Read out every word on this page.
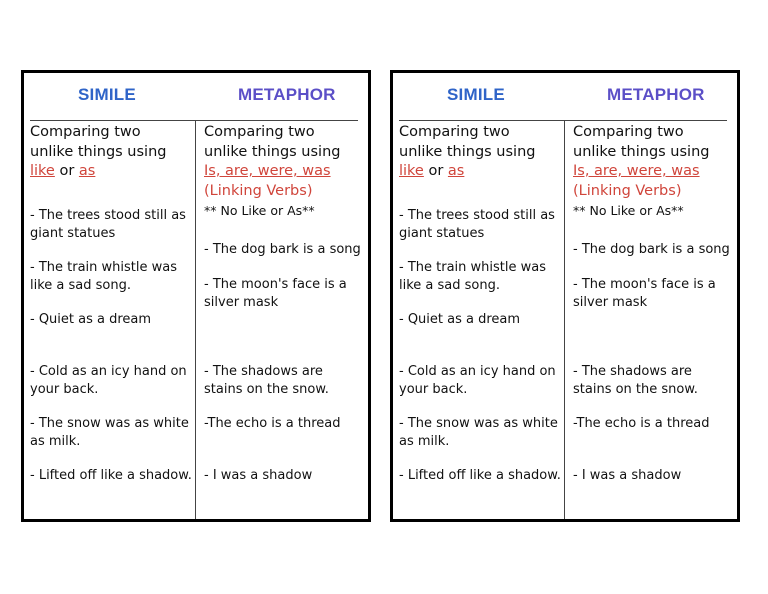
SIMILE	METAPHOR
Comparing two
unlike things using
like or as
- The trees stood still as giant statues
- The train whistle was like a sad song.
- Quiet as a dream
- Cold as an icy hand on your back.
- The snow was as white as milk.
- Lifted off like a shadow.
Comparing two
unlike things using
Is, are, were, was
(Linking Verbs)
** No Like or As**
- The dog bark is a song
- The moon's face is a silver mask
- The shadows are stains on the snow.
-The echo is a thread
- I was a shadow
SIMILE	METAPHOR
Comparing two
unlike things using
like or as
- The trees stood still as giant statues
- The train whistle was like a sad song.
- Quiet as a dream
- Cold as an icy hand on your back.
- The snow was as white as milk.
- Lifted off like a shadow.
Comparing two
unlike things using
Is, are, were, was
(Linking Verbs)
** No Like or As**
- The dog bark is a song
- The moon's face is a silver mask
- The shadows are stains on the snow.
-The echo is a thread
- I was a shadow
